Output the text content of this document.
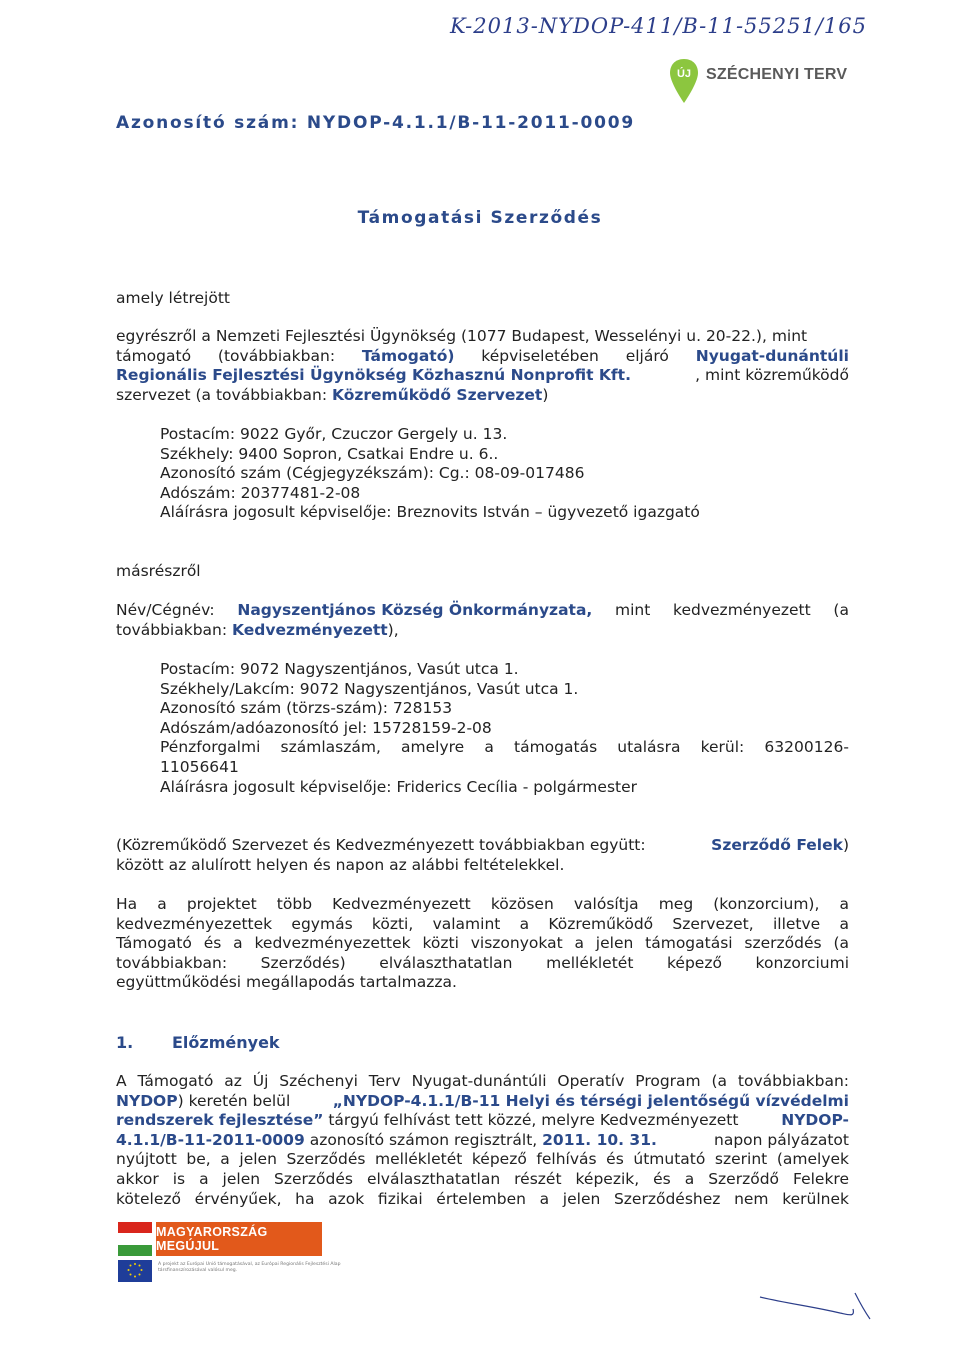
K-2013-NYDOP-411/B-11-55251/165
ÚJ SZÉCHENYI TERV
Azonosító szám: NYDOP-4.1.1/B-11-2011-0009
Támogatási Szerződés
amely létrejött
egyrészről a Nemzeti Fejlesztési Ügynökség (1077 Budapest, Wesselényi u. 20-22.), mint
támogató (továbbiakban: Támogató) képviseletében eljáró Nyugat-dunántúli
Regionális Fejlesztési Ügynökség Közhasznú Nonprofit Kft.	, mint közreműködő
szervezet (a továbbiakban: Közreműködő Szervezet)
Postacím: 9022 Győr, Czuczor Gergely u. 13.
Székhely: 9400 Sopron, Csatkai Endre u. 6..
Azonosító szám (Cégjegyzékszám): Cg.: 08-09-017486
Adószám: 20377481-2-08
Aláírásra jogosult képviselője: Breznovits István – ügyvezető igazgató
másrészről
Név/Cégnév: Nagyszentjános Község Önkormányzata, mint kedvezményezett (a
továbbiakban: Kedvezményezett),
Postacím: 9072 Nagyszentjános, Vasút utca 1.
Székhely/Lakcím: 9072 Nagyszentjános, Vasút utca 1.
Azonosító szám (törzs-szám): 728153
Adószám/adóazonosító jel: 15728159-2-08
Pénzforgalmi számlaszám, amelyre a támogatás utalásra kerül: 63200126-
11056641
Aláírásra jogosult képviselője: Friderics Cecília - polgármester
(Közreműködő Szervezet és Kedvezményezett továbbiakban együtt:	Szerződő Felek)
között az alulírott helyen és napon az alábbi feltételekkel.
Ha a projektet több Kedvezményezett közösen valósítja meg (konzorcium), a
kedvezményezettek egymás közti, valamint a Közreműködő Szervezet, illetve a
Támogató és a kedvezményezettek közti viszonyokat a jelen támogatási szerződés (a
továbbiakban: Szerződés) elválaszthatatlan mellékletét képező konzorciumi
együttműködési megállapodás tartalmazza.
1. Előzmények
A Támogató az Új Széchenyi Terv Nyugat-dunántúli Operatív Program (a továbbiakban:
NYDOP) keretén belül	„NYDOP-4.1.1/B-11 Helyi és térségi jelentőségű vízvédelmi
rendszerek fejlesztése” tárgyú felhívást tett közzé, melyre Kedvezményezett	NYDOP-
4.1.1/B-11-2011-0009 azonosító számon regisztrált, 2011. 10. 31.	napon pályázatot
nyújtott be, a jelen Szerződés mellékletét képező felhívás és útmutató szerint (amelyek
akkor is a jelen Szerződés elválaszthatatlan részét képezik, és a Szerződő Felekre
kötelező érvényűek, ha azok fizikai értelemben a jelen Szerződéshez nem kerülnek
MAGYARORSZÁG MEGÚJUL
A projekt az Európai Unió támogatásával, az Európai Regionális Fejlesztési Alap társfinanszírozásával valósul meg.
